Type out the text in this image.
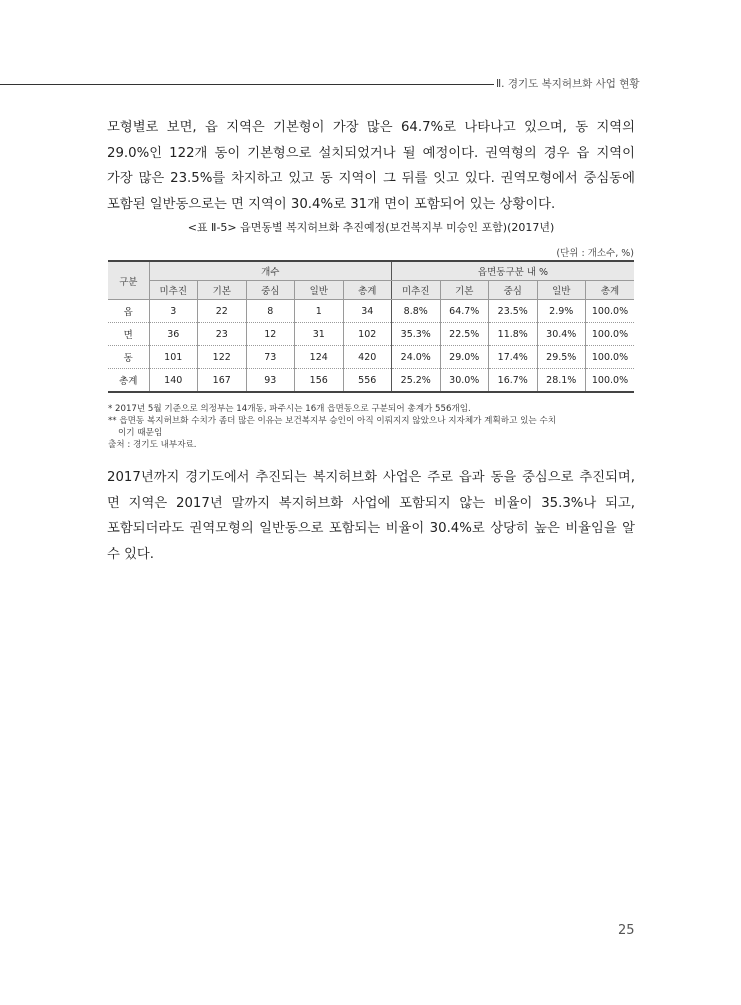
Ⅱ. 경기도 복지허브화 사업 현황

모형별로 보면, 읍 지역은 기본형이 가장 많은 64.7%로 나타나고 있으며, 동 지역의 29.0%인 122개 동이 기본형으로 설치되었거나 될 예정이다. 권역형의 경우 읍 지역이 가장 많은 23.5%를 차지하고 있고 동 지역이 그 뒤를 잇고 있다. 권역모형에서 중심동에 포함된 일반동으로는 면 지역이 30.4%로 31개 면이 포함되어 있는 상황이다.

<표 Ⅱ-5> 읍면동별 복지허브화 추진예정(보건복지부 미승인 포함)(2017년)
(단위 : 개소수, %)
구분	개수					읍면동구분 내 %				
	미추진	기본	중심	일반	총계	미추진	기본	중심	일반	총계
읍	3	22	8	1	34	8.8%	64.7%	23.5%	2.9%	100.0%
면	36	23	12	31	102	35.3%	22.5%	11.8%	30.4%	100.0%
동	101	122	73	124	420	24.0%	29.0%	17.4%	29.5%	100.0%
총계	140	167	93	156	556	25.2%	30.0%	16.7%	28.1%	100.0%
* 2017년 5월 기준으로 의정부는 14개동, 파주시는 16개 읍면동으로 구분되어 총계가 556개임.
** 읍면동 복지허브화 수치가 좀더 많은 이유는 보건복지부 승인이 아직 이뤄지지 않았으나 지자체가 계획하고 있는 수치
이기 때문임
출처 : 경기도 내부자료.

2017년까지 경기도에서 추진되는 복지허브화 사업은 주로 읍과 동을 중심으로 추진되며, 면 지역은 2017년 말까지 복지허브화 사업에 포함되지 않는 비율이 35.3%나 되고, 포함되더라도 권역모형의 일반동으로 포함되는 비율이 30.4%로 상당히 높은 비율임을 알 수 있다.

25
